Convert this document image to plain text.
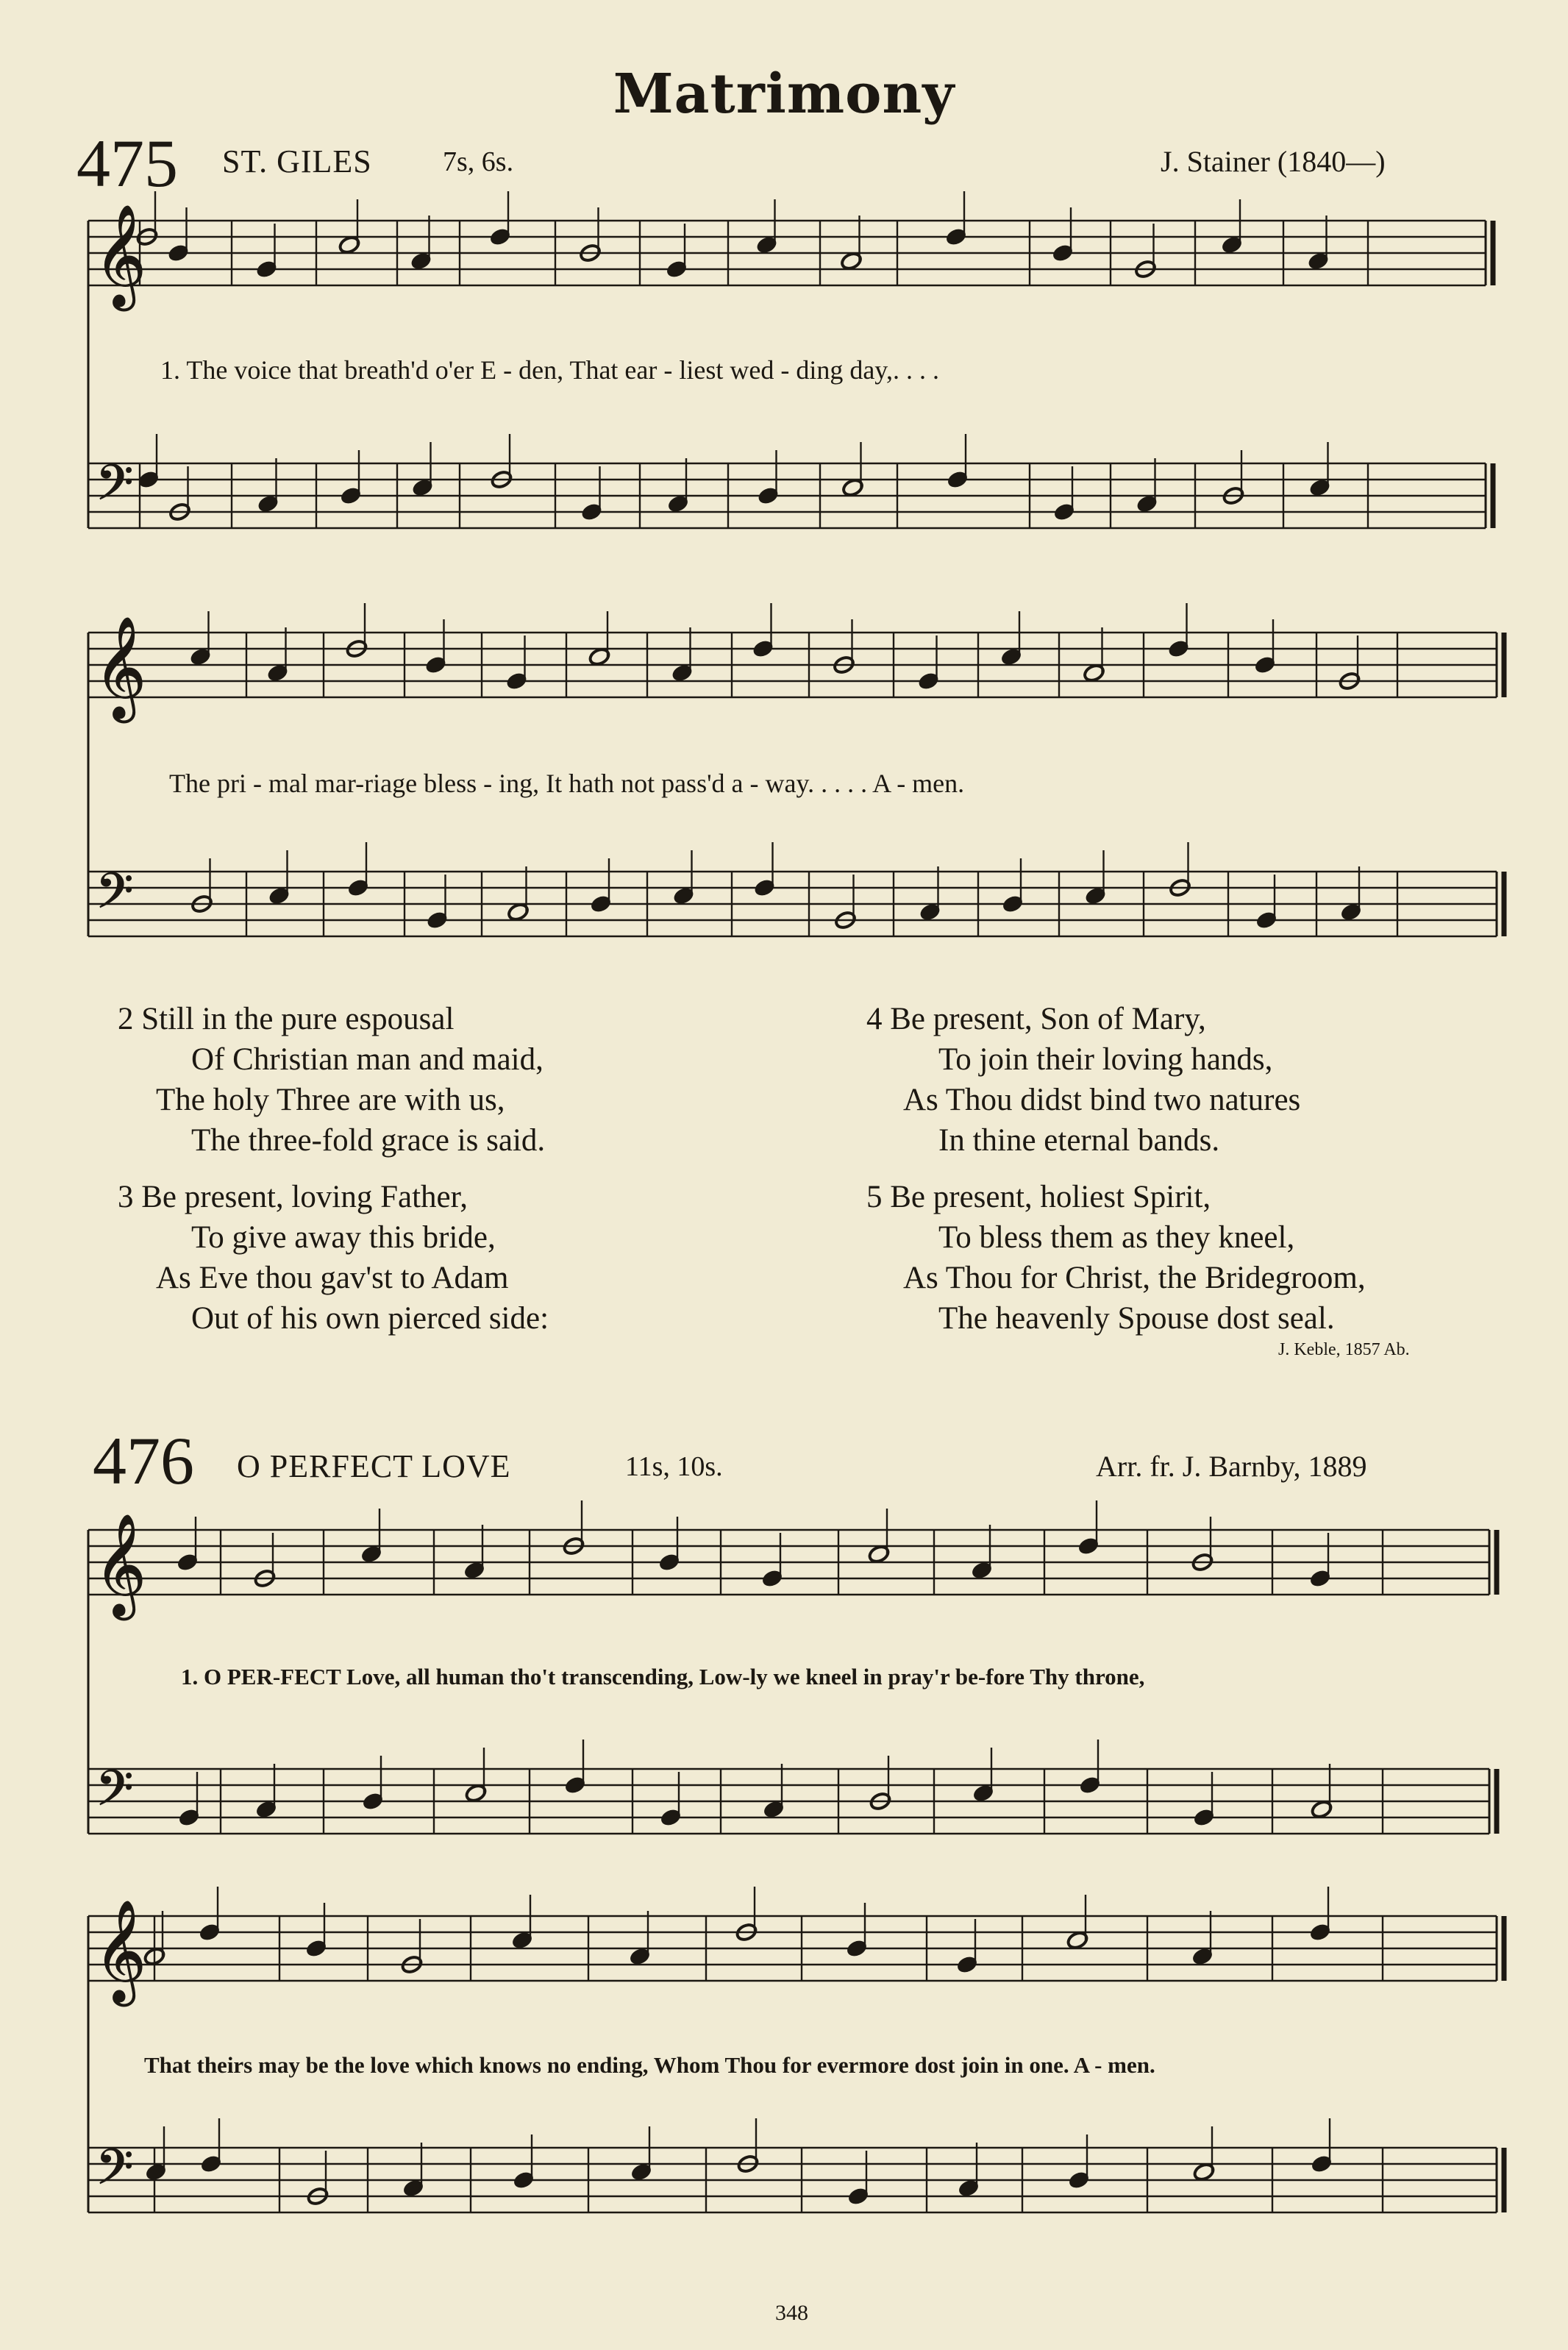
𝄞
𝄢
𝄞
𝄢
𝄞
𝄢
𝄞
𝄢
Matrimony
475 ST. GILES	7s, 6s.	J. Stainer (1840—)
1. The voice that breath'd o'er E - den, That ear - liest wed - ding day,. . . .
The pri - mal mar-riage bless - ing, It hath not pass'd a - way. . . . . A - men.
2 Still in the pure espousal
Of Christian man and maid,
The holy Three are with us,
The three-fold grace is said.
3 Be present, loving Father,
To give away this bride,
As Eve thou gav'st to Adam
Out of his own pierced side:
4 Be present, Son of Mary,
To join their loving hands,
As Thou didst bind two natures
In thine eternal bands.
5 Be present, holiest Spirit,
To bless them as they kneel,
As Thou for Christ, the Bridegroom,
The heavenly Spouse dost seal.
J. Keble, 1857 Ab.
476 O PERFECT LOVE	11s, 10s.	Arr. fr. J. Barnby, 1889
1. O PER-FECT Love, all human tho't transcending, Low-ly we kneel in pray'r be-fore Thy throne,
That theirs may be the love which knows no ending, Whom Thou for evermore dost join in one. A - men.
348
